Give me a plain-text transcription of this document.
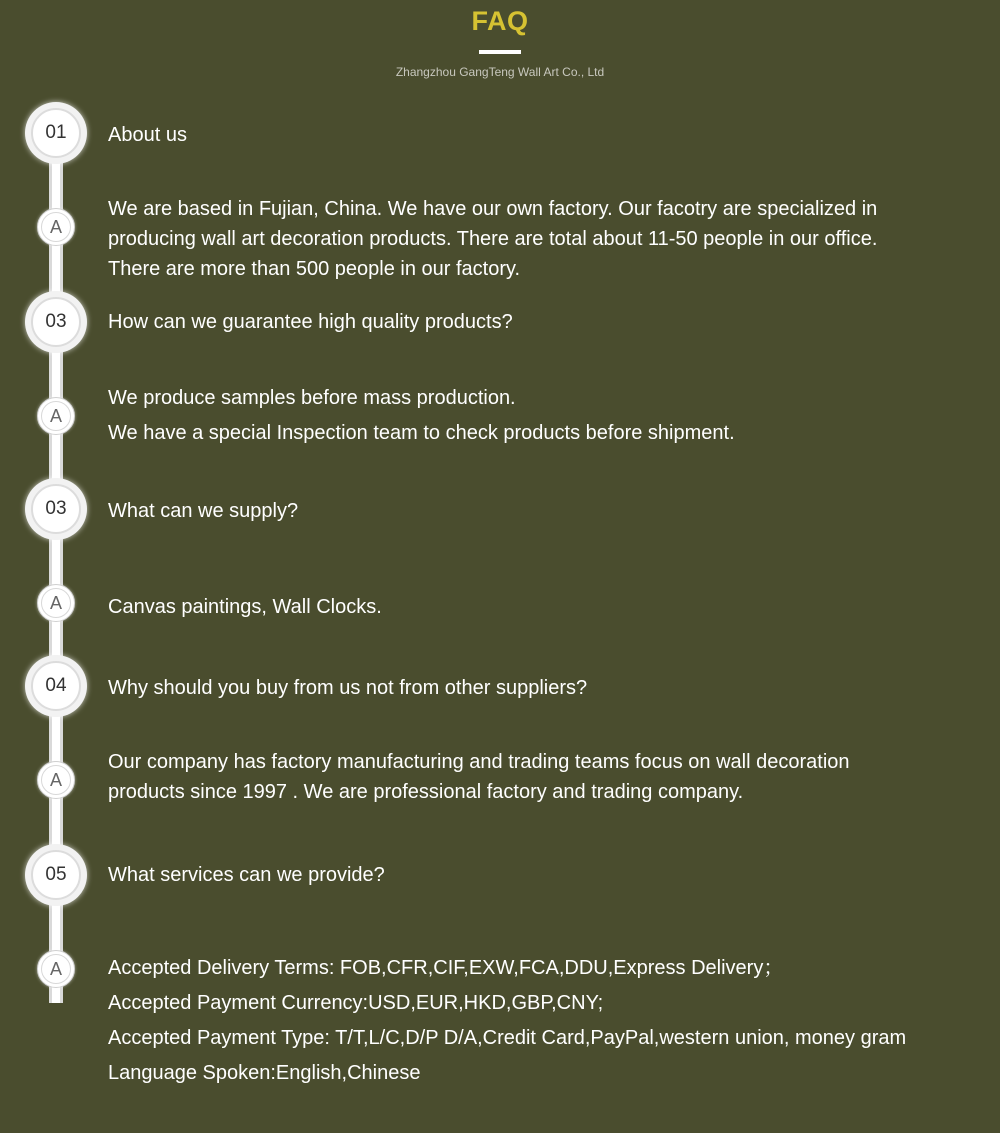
FAQ
Zhangzhou GangTeng Wall Art Co., Ltd
01	About us
A
We are based in Fujian, China. We have our own factory. Our facotry are specialized in
producing wall art decoration products. There are total about 11-50 people in our office.
There are more than 500 people in our factory.
03	How can we guarantee high quality products?
A
We produce samples before mass production.
We have a special Inspection team to check products before shipment.
03	What can we supply?
A	Canvas paintings, Wall Clocks.
04	Why should you buy from us not from other suppliers?
A
Our company has factory manufacturing and trading teams focus on wall decoration
products since 1997 . We are professional factory and trading company.
05	What services can we provide?
A	Accepted Delivery Terms: FOB,CFR,CIF,EXW,FCA,DDU,Express Delivery；
Accepted Payment Currency:USD,EUR,HKD,GBP,CNY;
Accepted Payment Type: T/T,L/C,D/P D/A,Credit Card,PayPal,western union, money gram
Language Spoken:English,Chinese
